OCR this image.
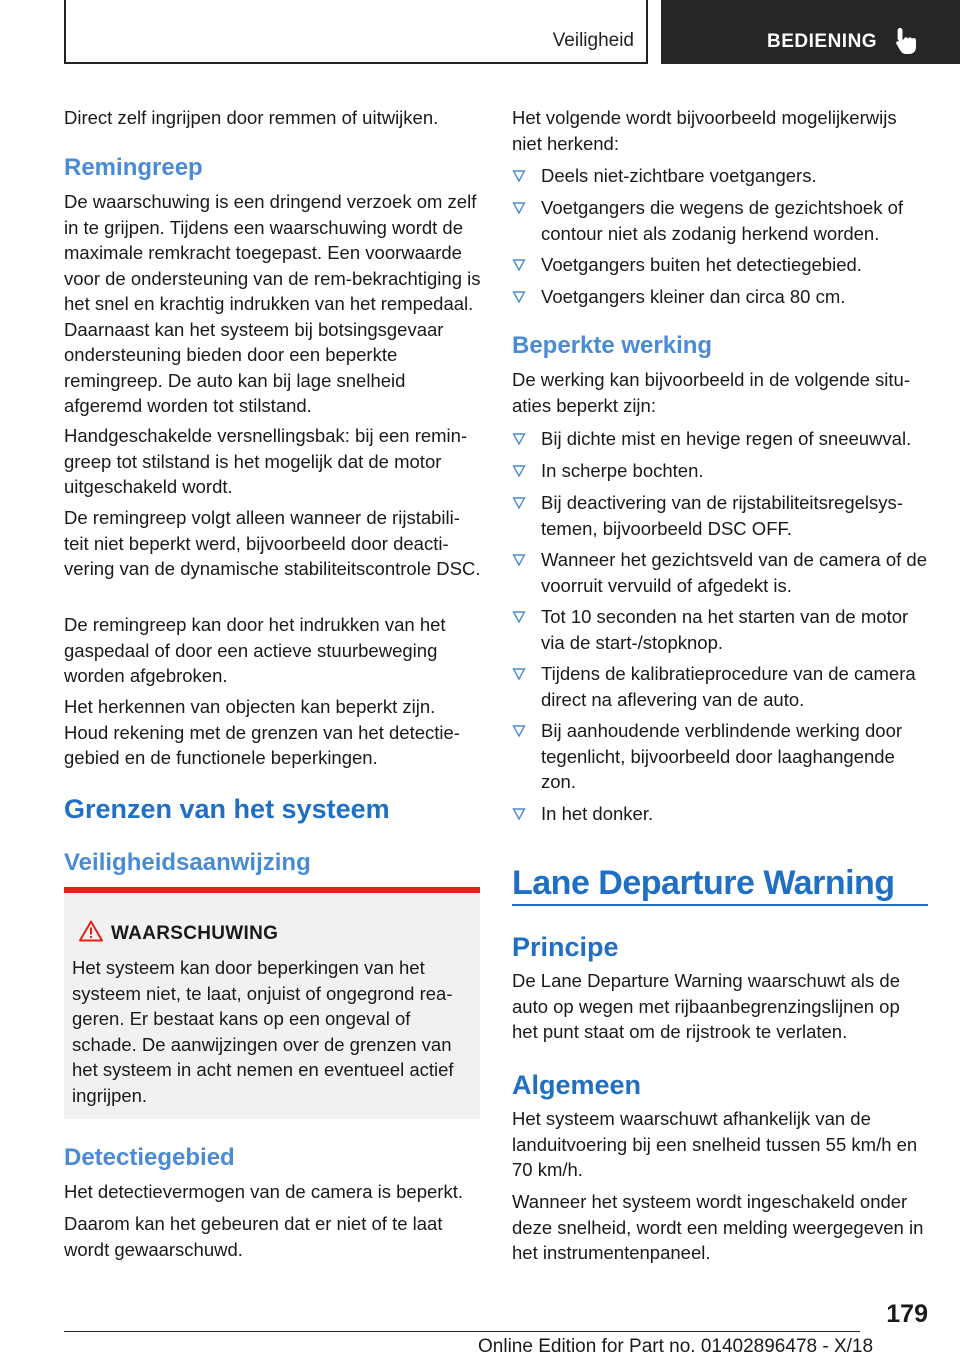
Veiligheid	BEDIENING

Direct zelf ingrijpen door remmen of uitwijken.

Remingreep

De waarschuwing is een dringend verzoek om zelf in te grijpen. Tijdens een waarschuwing wordt de maximale remkracht toegepast. Een voorwaarde voor de ondersteuning van de rem‐bekrachtiging is het snel en krachtig indrukken van het rempedaal. Daarnaast kan het systeem bij botsingsgevaar ondersteuning bieden door een beperkte remingreep. De auto kan bij lage snelheid afgeremd worden tot stilstand.

Handgeschakelde versnellingsbak: bij een remin‐greep tot stilstand is het mogelijk dat de motor uitgeschakeld wordt.

De remingreep volgt alleen wanneer de rijstabili‐teit niet beperkt werd, bijvoorbeeld door deacti‐vering van de dynamische stabiliteitscontrole DSC.

De remingreep kan door het indrukken van het gaspedaal of door een actieve stuurbeweging worden afgebroken.

Het herkennen van objecten kan beperkt zijn. Houd rekening met de grenzen van het detectie‐gebied en de functionele beperkingen.

Grenzen van het systeem
Veiligheidsaanwijzing
WAARSCHUWING

Het systeem kan door beperkingen van het systeem niet, te laat, onjuist of ongegrond rea‐geren. Er bestaat kans op een ongeval of schade. De aanwijzingen over de grenzen van het systeem in acht nemen en eventueel actief ingrijpen.

Detectiegebied

Het detectievermogen van de camera is beperkt.

Daarom kan het gebeuren dat er niet of te laat wordt gewaarschuwd.

Het volgende wordt bijvoorbeeld mogelijkerwijs niet herkend:

Deels niet-zichtbare voetgangers.
Voetgangers die wegens de gezichtshoek of contour niet als zodanig herkend worden.
Voetgangers buiten het detectiegebied.
Voetgangers kleiner dan circa 80 cm.
Beperkte werking

De werking kan bijvoorbeeld in de volgende situ‐aties beperkt zijn:

Bij dichte mist en hevige regen of sneeuwval.
In scherpe bochten.
Bij deactivering van de rijstabiliteitsregelsys‐temen, bijvoorbeeld DSC OFF.
Wanneer het gezichtsveld van de camera of de voorruit vervuild of afgedekt is.
Tot 10 seconden na het starten van de motor via de start-/stopknop.
Tijdens de kalibratieprocedure van de camera direct na aflevering van de auto.
Bij aanhoudende verblindende werking door tegenlicht, bijvoorbeeld door laaghangende zon.
In het donker.
Lane Departure Warning
Principe

De Lane Departure Warning waarschuwt als de auto op wegen met rijbaanbegrenzingslijnen op het punt staat om de rijstrook te verlaten.

Algemeen

Het systeem waarschuwt afhankelijk van de landuitvoering bij een snelheid tussen 55 km/h en 70 km/h.

Wanneer het systeem wordt ingeschakeld onder deze snelheid, wordt een melding weergegeven in het instrumentenpaneel.

179
Online Edition for Part no. 01402896478 - X/18
